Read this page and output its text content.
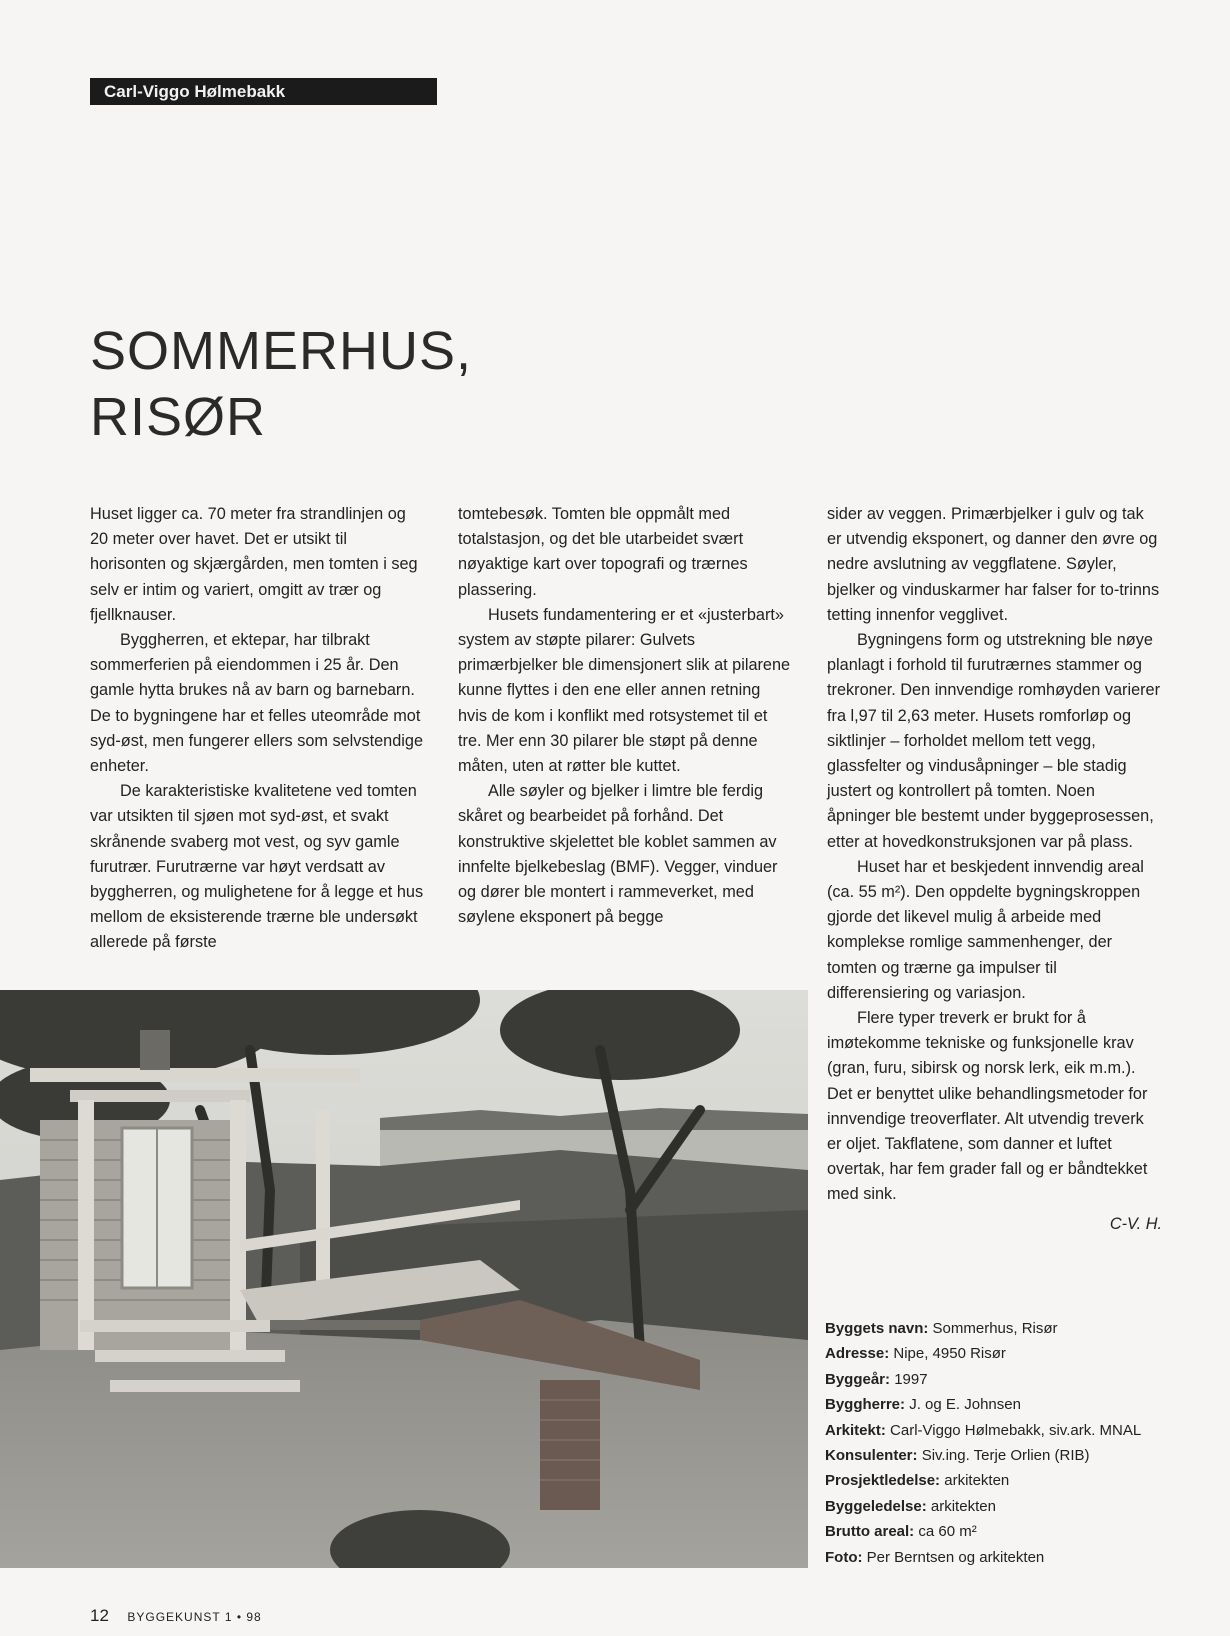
Carl-Viggo Hølmebakk
SOMMERHUS,
RISØR

Huset ligger ca. 70 meter fra strandlinjen og 20 meter over havet. Det er utsikt til horisonten og skjærgården, men tomten i seg selv er intim og variert, omgitt av trær og fjellknauser.

Byggherren, et ektepar, har tilbrakt sommerferien på eiendommen i 25 år. Den gamle hytta brukes nå av barn og barnebarn. De to bygningene har et felles uteområde mot syd-øst, men fungerer ellers som selvstendige enheter.

De karakteristiske kvalitetene ved tomten var utsikten til sjøen mot syd-øst, et svakt skrånende svaberg mot vest, og syv gamle furutrær. Furutrærne var høyt verdsatt av byggherren, og mulighetene for å legge et hus mellom de eksisterende trærne ble undersøkt allerede på første

tomtebesøk. Tomten ble oppmålt med totalstasjon, og det ble utarbeidet svært nøyaktige kart over topografi og trærnes plassering.

Husets fundamentering er et «justerbart» system av støpte pilarer: Gulvets primærbjelker ble dimensjonert slik at pilarene kunne flyttes i den ene eller annen retning hvis de kom i konflikt med rotsystemet til et tre. Mer enn 30 pilarer ble støpt på denne måten, uten at røtter ble kuttet.

Alle søyler og bjelker i limtre ble ferdig skåret og bearbeidet på forhånd. Det konstruktive skjelettet ble koblet sammen av innfelte bjelkebeslag (BMF). Vegger, vinduer og dører ble montert i rammeverket, med søylene eksponert på begge

sider av veggen. Primærbjelker i gulv og tak er utvendig eksponert, og danner den øvre og nedre avslutning av veggflatene. Søyler, bjelker og vinduskarmer har falser for to-trinns tetting innenfor vegglivet.

Bygningens form og utstrekning ble nøye planlagt i forhold til furutrærnes stammer og trekroner. Den innvendige romhøyden varierer fra l,97 til 2,63 meter. Husets romforløp og siktlinjer – forholdet mellom tett vegg, glassfelter og vindusåpninger – ble stadig justert og kontrollert på tomten. Noen åpninger ble bestemt under byggeprosessen, etter at hovedkonstruksjonen var på plass.

Huset har et beskjedent innvendig areal (ca. 55 m²). Den oppdelte bygningskroppen gjorde det likevel mulig å arbeide med komplekse romlige sammenhenger, der tomten og trærne ga impulser til differensiering og variasjon.

Flere typer treverk er brukt for å imøtekomme tekniske og funksjonelle krav (gran, furu, sibirsk og norsk lerk, eik m.m.). Det er benyttet ulike behandlingsmetoder for innvendige treoverflater. Alt utvendig treverk er oljet. Takflatene, som danner et luftet overtak, har fem grader fall og er båndtekket med sink.

C-V. H.

Byggets navn: Sommerhus, Risør
Adresse: Nipe, 4950 Risør
Byggeår: 1997
Byggherre: J. og E. Johnsen
Arkitekt: Carl-Viggo Hølmebakk, siv.ark. MNAL
Konsulenter: Siv.ing. Terje Orlien (RIB)
Prosjektledelse: arkitekten
Byggeledelse: arkitekten
Brutto areal: ca 60 m²
Foto: Per Berntsen og arkitekten
12 BYGGEKUNST 1 • 98
